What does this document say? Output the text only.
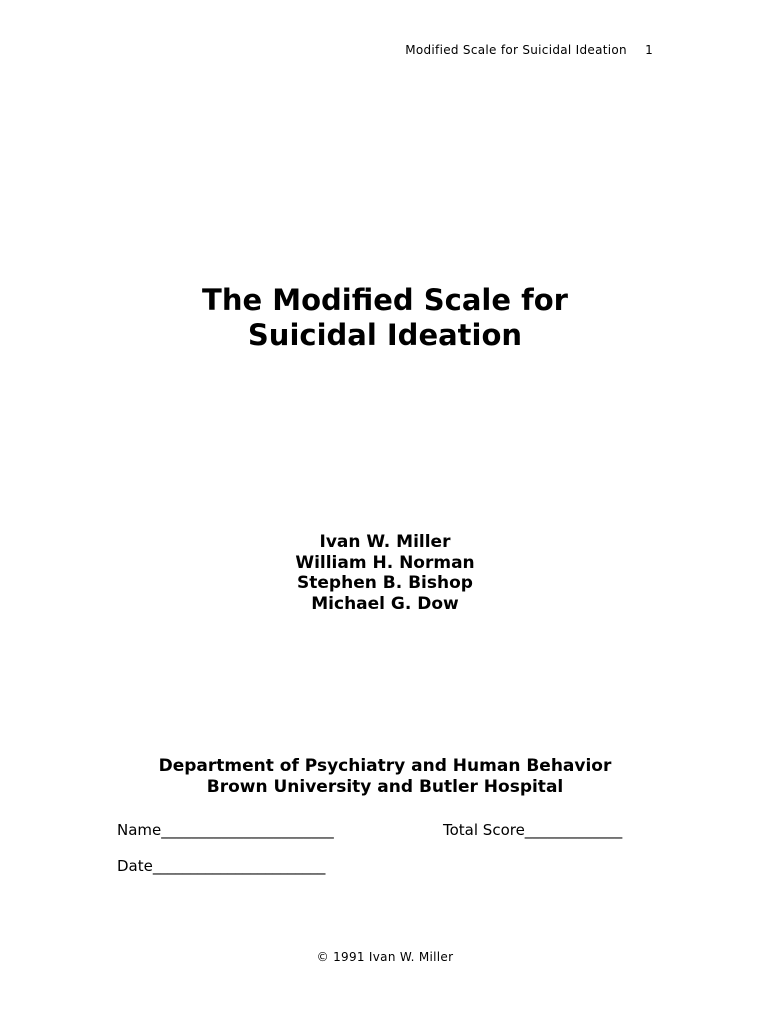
Modified Scale for Suicidal Ideation 1
The Modified Scale for
Suicidal Ideation
Ivan W. Miller
William H. Norman
Stephen B. Bishop
Michael G. Dow
Department of Psychiatry and Human Behavior
Brown University and Butler Hospital
Name_______________________	Total Score_____________
Date_______________________
© 1991 Ivan W. Miller
